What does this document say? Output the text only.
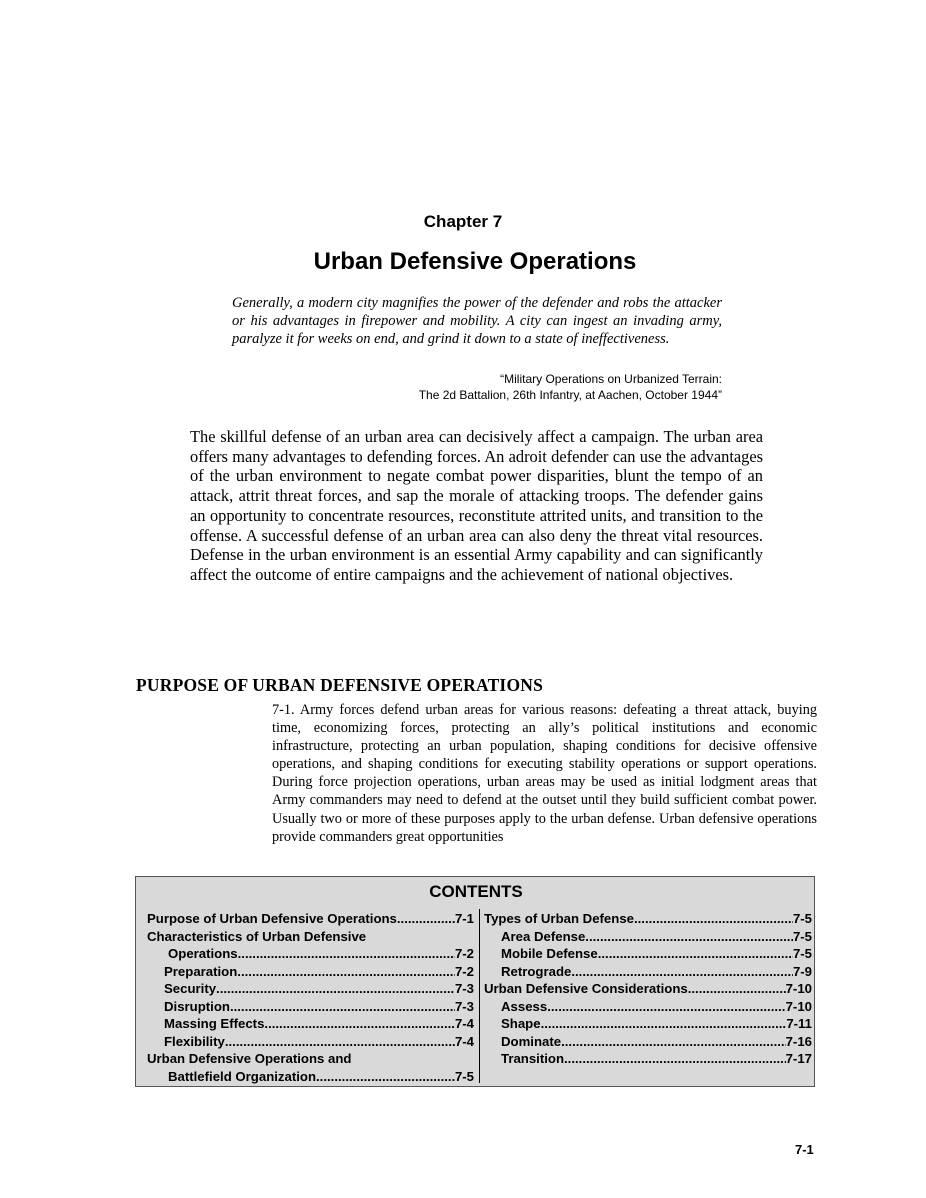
Chapter 7
Urban Defensive Operations

Generally, a modern city magnifies the power of the defender and robs the attacker or his advantages in firepower and mobility. A city can ingest an invading army, paralyze it for weeks on end, and grind it down to a state of ineffectiveness.

“Military Operations on Urbanized Terrain:
The 2d Battalion, 26th Infantry, at Aachen, October 1944”

The skillful defense of an urban area can decisively affect a campaign. The urban area offers many advantages to defending forces. An adroit defender can use the advantages of the urban environment to negate combat power disparities, blunt the tempo of an attack, attrit threat forces, and sap the morale of attacking troops. The defender gains an opportunity to concentrate resources, reconstitute attrited units, and transition to the offense. A successful defense of an urban area can also deny the threat vital resources. Defense in the urban environment is an essential Army capability and can significantly affect the outcome of entire campaigns and the achievement of national objectives.

PURPOSE OF URBAN DEFENSIVE OPERATIONS

7-1. Army forces defend urban areas for various reasons: defeating a threat attack, buying time, economizing forces, protecting an ally’s political institutions and economic infrastructure, protecting an urban population, shaping conditions for decisive offensive operations, and shaping conditions for executing stability operations or support operations. During force projection operations, urban areas may be used as initial lodgment areas that Army commanders may need to defend at the outset until they build sufficient combat power. Usually two or more of these purposes apply to the urban defense. Urban defensive operations provide commanders great opportunities

CONTENTS
Purpose of Urban Defensive Operations .....	7-1
Characteristics of Urban Defensive
Operations .....	7-2
Preparation .....	7-2
Security .....	7-3
Disruption .....	7-3
Massing Effects .....	7-4
Flexibility .....	7-4
Urban Defensive Operations and
Battlefield Organization .....	7-5
Types of Urban Defense .....	7-5
Area Defense .....	7-5
Mobile Defense .....	7-5
Retrograde .....	7-9
Urban Defensive Considerations .....	7-10
Assess .....	7-10
Shape .....	7-11
Dominate .....	7-16
Transition .....	7-17
7-1
